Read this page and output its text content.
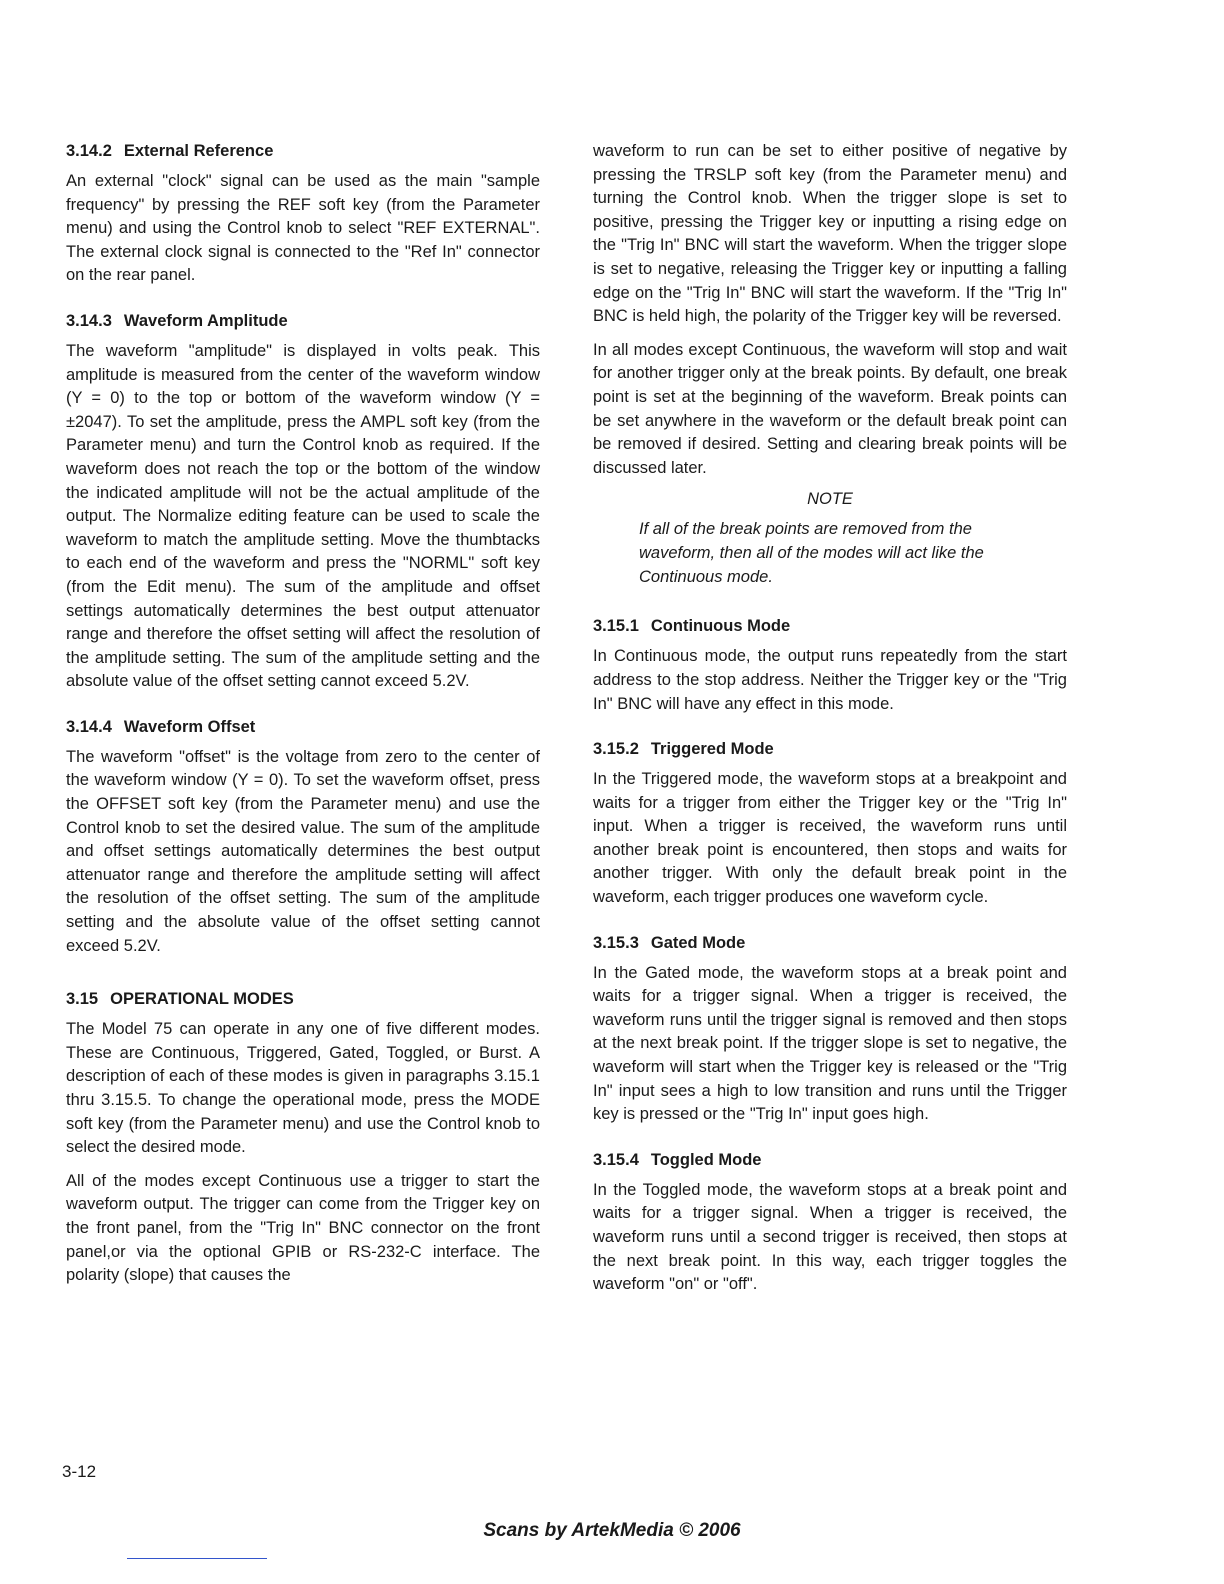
3.14.2 External Reference

An external "clock" signal can be used as the main "sample frequency" by pressing the REF soft key (from the Parameter menu) and using the Control knob to select "REF EXTERNAL". The external clock signal is connected to the "Ref In" connector on the rear panel.

3.14.3 Waveform Amplitude

The waveform "amplitude" is displayed in volts peak. This amplitude is measured from the center of the waveform window (Y = 0) to the top or bottom of the waveform window (Y = ±2047). To set the amplitude, press the AMPL soft key (from the Parameter menu) and turn the Control knob as required. If the waveform does not reach the top or the bottom of the window the indicated amplitude will not be the actual amplitude of the output. The Normalize editing feature can be used to scale the waveform to match the amplitude setting. Move the thumbtacks to each end of the waveform and press the "NORML" soft key (from the Edit menu). The sum of the amplitude and offset settings automatically determines the best output attenuator range and therefore the offset setting will affect the resolution of the amplitude setting. The sum of the amplitude setting and the absolute value of the offset setting cannot exceed 5.2V.

3.14.4 Waveform Offset

The waveform "offset" is the voltage from zero to the center of the waveform window (Y = 0). To set the waveform offset, press the OFFSET soft key (from the Parameter menu) and use the Control knob to set the desired value. The sum of the amplitude and offset settings automatically determines the best output attenuator range and therefore the amplitude setting will affect the resolution of the offset setting. The sum of the amplitude setting and the absolute value of the offset setting cannot exceed 5.2V.

3.15 OPERATIONAL MODES

The Model 75 can operate in any one of five different modes. These are Continuous, Triggered, Gated, Toggled, or Burst. A description of each of these modes is given in paragraphs 3.15.1 thru 3.15.5. To change the operational mode, press the MODE soft key (from the Parameter menu) and use the Control knob to select the desired mode.

All of the modes except Continuous use a trigger to start the waveform output. The trigger can come from the Trigger key on the front panel, from the "Trig In" BNC connector on the front panel,or via the optional GPIB or RS-232-C interface. The polarity (slope) that causes the

waveform to run can be set to either positive of negative by pressing the TRSLP soft key (from the Parameter menu) and turning the Control knob. When the trigger slope is set to positive, pressing the Trigger key or inputting a rising edge on the "Trig In" BNC will start the waveform. When the trigger slope is set to negative, releasing the Trigger key or inputting a falling edge on the "Trig In" BNC will start the waveform. If the "Trig In" BNC is held high, the polarity of the Trigger key will be reversed.

In all modes except Continuous, the waveform will stop and wait for another trigger only at the break points. By default, one break point is set at the beginning of the waveform. Break points can be set anywhere in the waveform or the default break point can be removed if desired. Setting and clearing break points will be discussed later.

NOTE
If all of the break points are removed from the waveform, then all of the modes will act like the Continuous mode.
3.15.1 Continuous Mode

In Continuous mode, the output runs repeatedly from the start address to the stop address. Neither the Trigger key or the "Trig In" BNC will have any effect in this mode.

3.15.2 Triggered Mode

In the Triggered mode, the waveform stops at a breakpoint and waits for a trigger from either the Trigger key or the "Trig In" input. When a trigger is received, the waveform runs until another break point is encountered, then stops and waits for another trigger. With only the default break point in the waveform, each trigger produces one waveform cycle.

3.15.3 Gated Mode

In the Gated mode, the waveform stops at a break point and waits for a trigger signal. When a trigger is received, the waveform runs until the trigger signal is removed and then stops at the next break point. If the trigger slope is set to negative, the waveform will start when the Trigger key is released or the "Trig In" input sees a high to low transition and runs until the Trigger key is pressed or the "Trig In" input goes high.

3.15.4 Toggled Mode

In the Toggled mode, the waveform stops at a break point and waits for a trigger signal. When a trigger is received, the waveform runs until a second trigger is received, then stops at the next break point. In this way, each trigger toggles the waveform "on" or "off".

3-12
Scans by ArtekMedia © 2006
